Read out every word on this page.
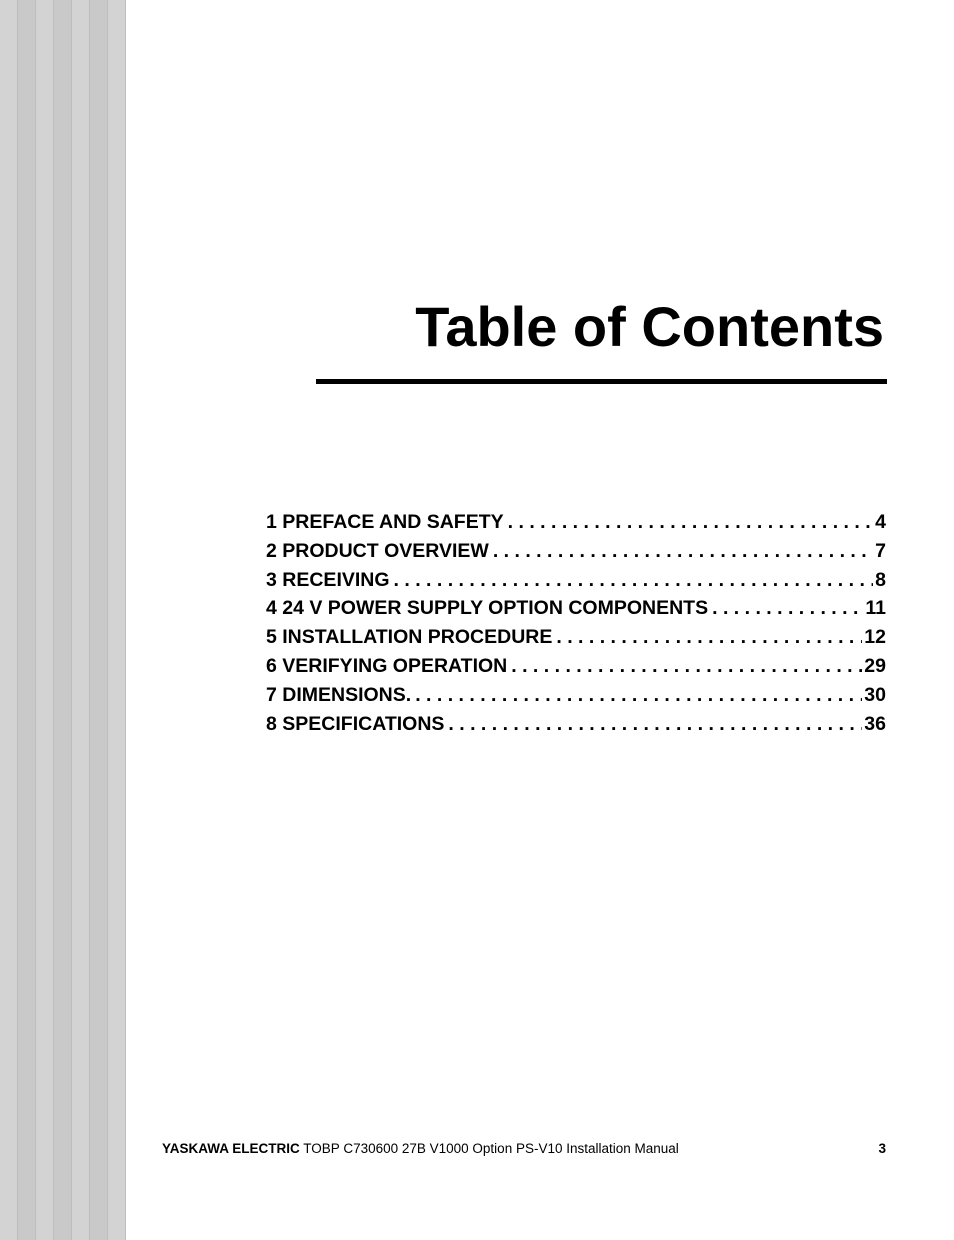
Table of Contents
1 PREFACE AND SAFETY . . .	4
2 PRODUCT OVERVIEW . . .	7
3 RECEIVING . . .	8
4 24 V POWER SUPPLY OPTION COMPONENTS . . .	11
5 INSTALLATION PROCEDURE . . .	12
6 VERIFYING OPERATION . . .	29
7 DIMENSIONS. . . .	30
8 SPECIFICATIONS . . .	36
YASKAWA ELECTRIC TOBP C730600 27B V1000 Option PS-V10 Installation Manual	3
